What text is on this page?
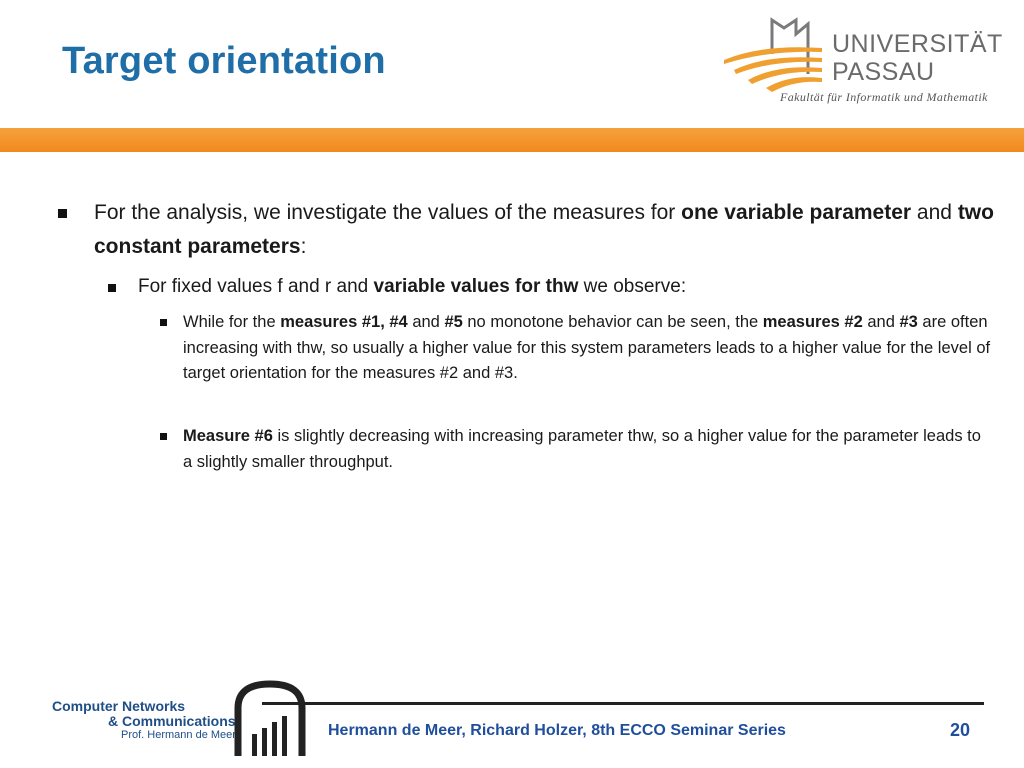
Target orientation	UNIVERSITÄT
PASSAU
Fakultät für Informatik und Mathematik
For the analysis, we investigate the values of the measures for one variable parameter and two constant parameters:
For fixed values f and r and variable values for thw we observe:
While for the measures #1, #4 and #5 no monotone behavior can be seen, the measures #2 and #3 are often increasing with thw, so usually a higher value for this system parameters leads to a higher value for the level of target orientation for the measures #2 and #3.
Measure #6 is slightly decreasing with increasing parameter thw, so a higher value for the parameter leads to a slightly smaller throughput.
Computer Networks
& Communications
Prof. Hermann de Meer	Hermann de Meer, Richard Holzer, 8th ECCO Seminar Series	20
